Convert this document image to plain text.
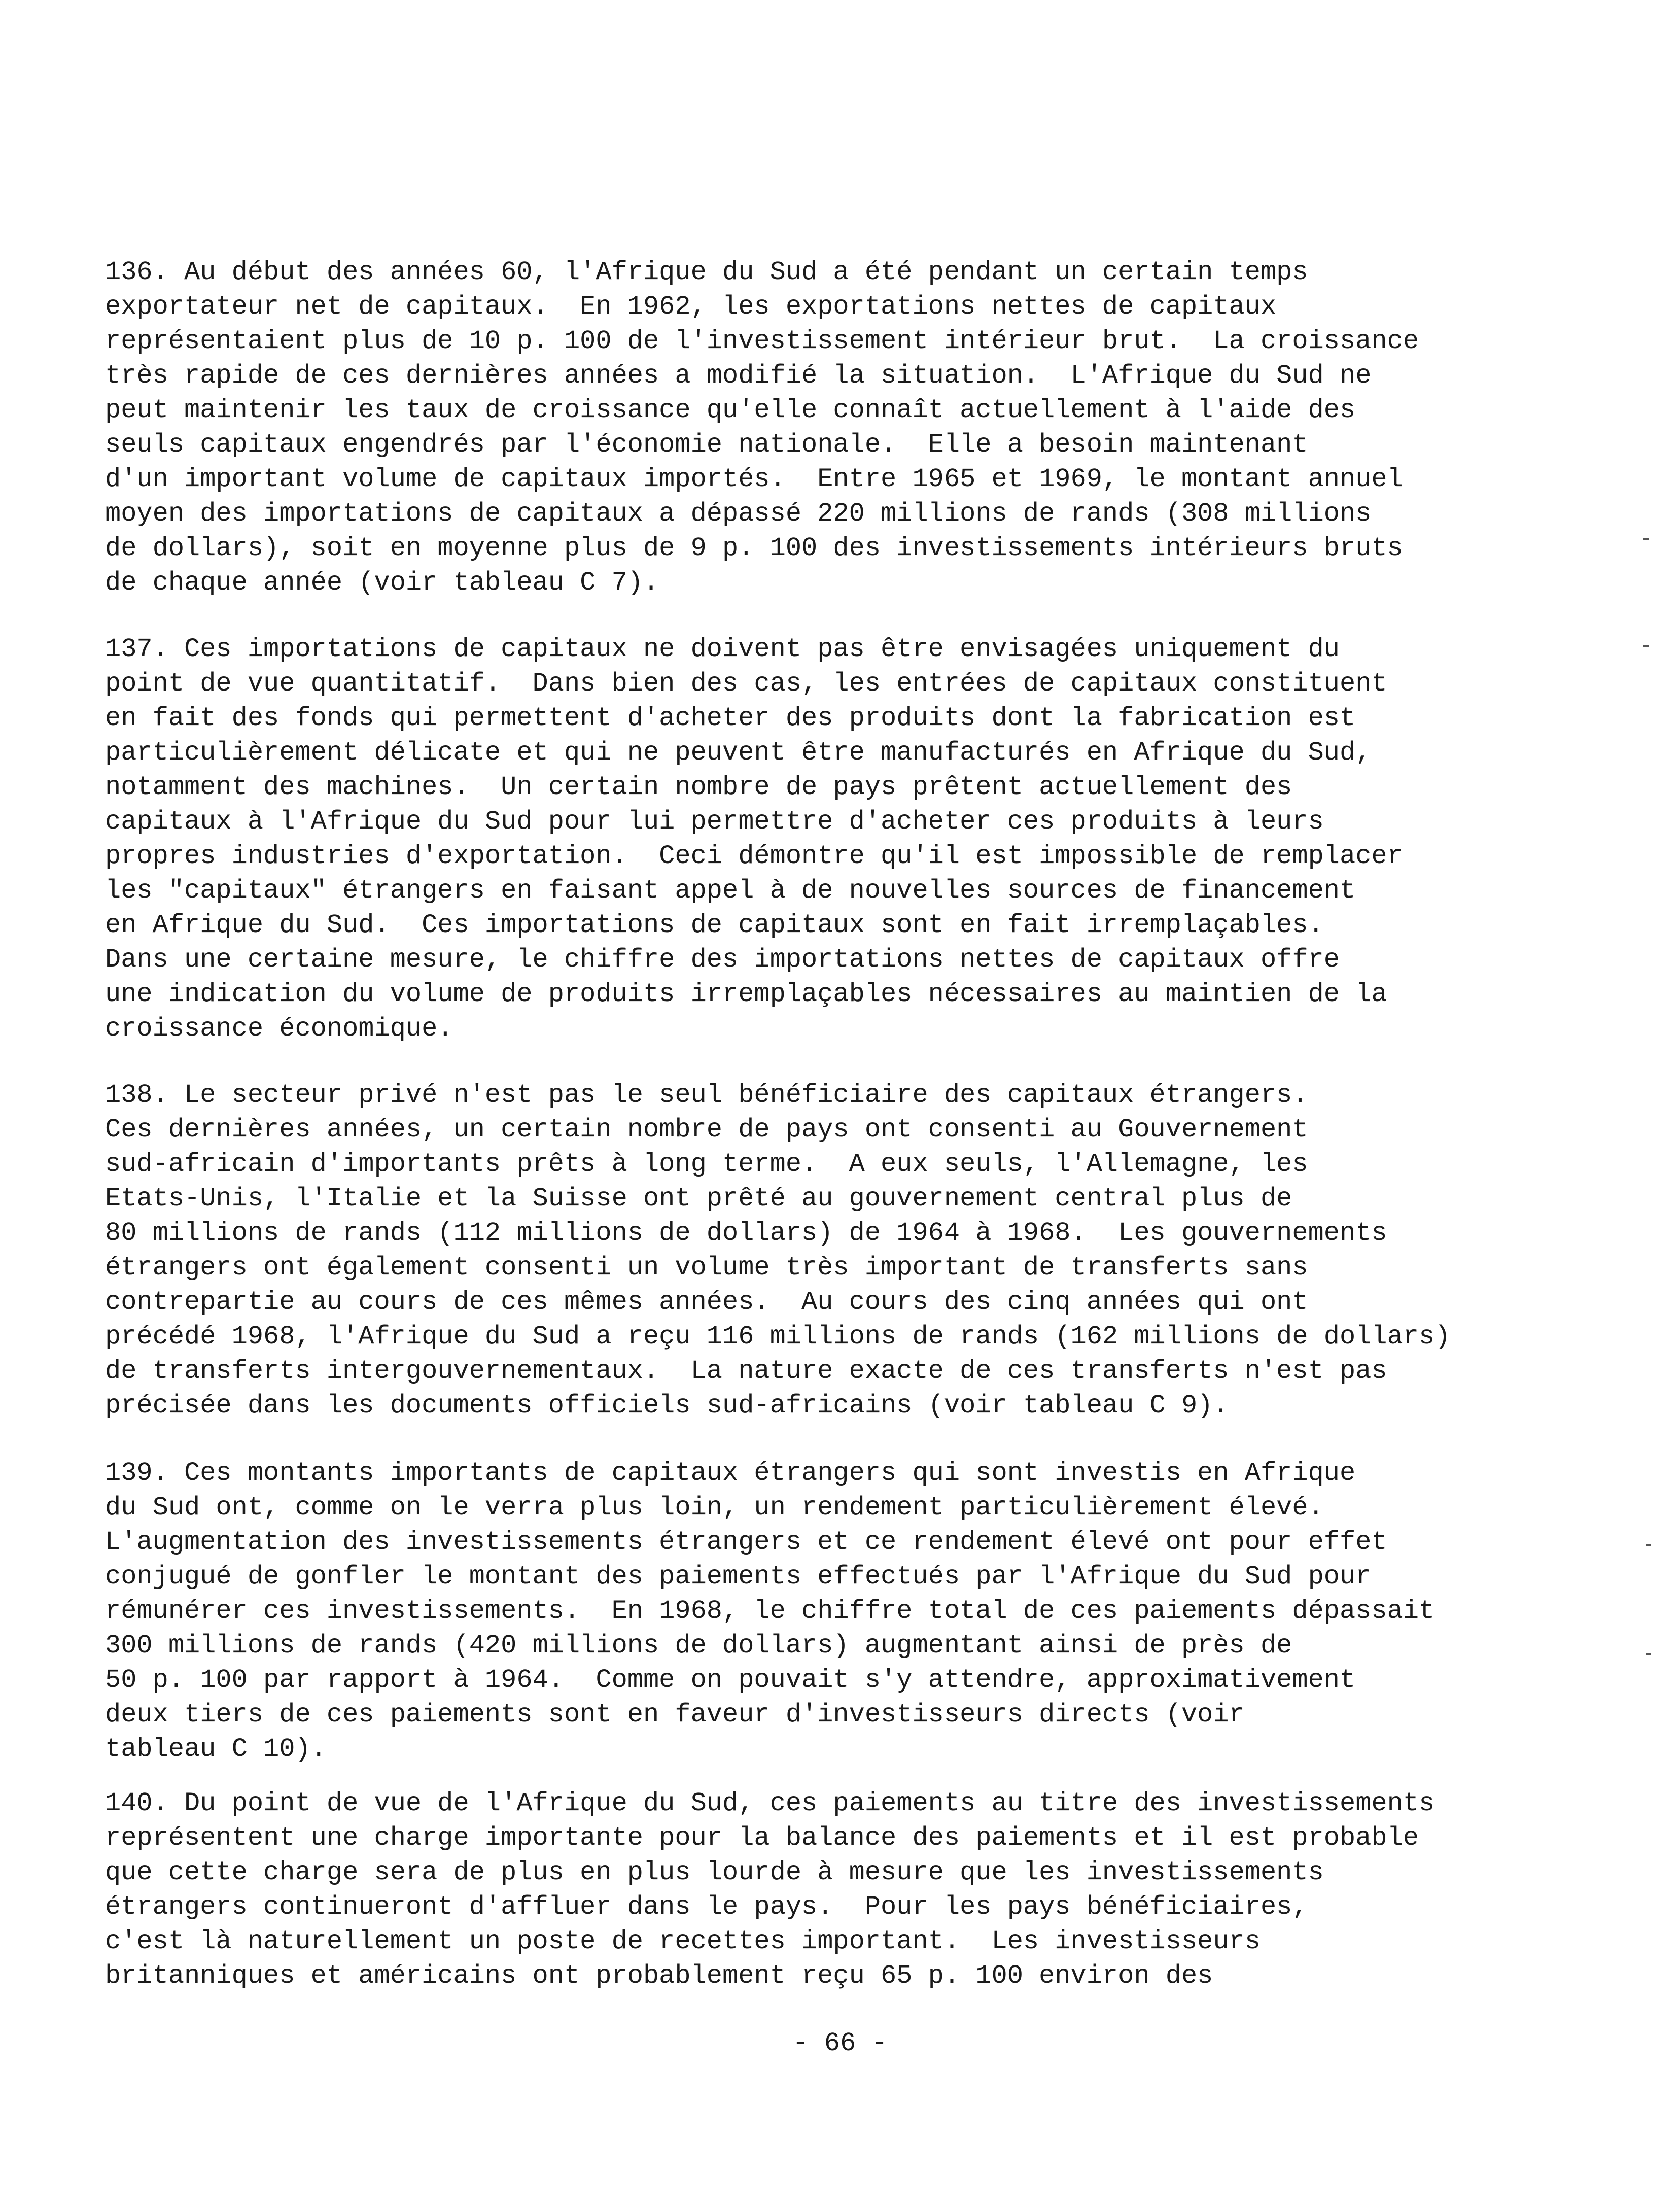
136. Au début des années 60, l'Afrique du Sud a été pendant un certain temps
exportateur net de capitaux.  En 1962, les exportations nettes de capitaux
représentaient plus de 10 p. 100 de l'investissement intérieur brut.  La croissance
très rapide de ces dernières années a modifié la situation.  L'Afrique du Sud ne
peut maintenir les taux de croissance qu'elle connaît actuellement à l'aide des
seuls capitaux engendrés par l'économie nationale.  Elle a besoin maintenant
d'un important volume de capitaux importés.  Entre 1965 et 1969, le montant annuel
moyen des importations de capitaux a dépassé 220 millions de rands (308 millions
de dollars), soit en moyenne plus de 9 p. 100 des investissements intérieurs bruts
de chaque année (voir tableau C 7).
137. Ces importations de capitaux ne doivent pas être envisagées uniquement du
point de vue quantitatif.  Dans bien des cas, les entrées de capitaux constituent
en fait des fonds qui permettent d'acheter des produits dont la fabrication est
particulièrement délicate et qui ne peuvent être manufacturés en Afrique du Sud,
notamment des machines.  Un certain nombre de pays prêtent actuellement des
capitaux à l'Afrique du Sud pour lui permettre d'acheter ces produits à leurs
propres industries d'exportation.  Ceci démontre qu'il est impossible de remplacer
les "capitaux" étrangers en faisant appel à de nouvelles sources de financement
en Afrique du Sud.  Ces importations de capitaux sont en fait irremplaçables.
Dans une certaine mesure, le chiffre des importations nettes de capitaux offre
une indication du volume de produits irremplaçables nécessaires au maintien de la
croissance économique.
138. Le secteur privé n'est pas le seul bénéficiaire des capitaux étrangers.
Ces dernières années, un certain nombre de pays ont consenti au Gouvernement
sud-africain d'importants prêts à long terme.  A eux seuls, l'Allemagne, les
Etats-Unis, l'Italie et la Suisse ont prêté au gouvernement central plus de
80 millions de rands (112 millions de dollars) de 1964 à 1968.  Les gouvernements
étrangers ont également consenti un volume très important de transferts sans
contrepartie au cours de ces mêmes années.  Au cours des cinq années qui ont
précédé 1968, l'Afrique du Sud a reçu 116 millions de rands (162 millions de dollars)
de transferts intergouvernementaux.  La nature exacte de ces transferts n'est pas
précisée dans les documents officiels sud-africains (voir tableau C 9).
139. Ces montants importants de capitaux étrangers qui sont investis en Afrique
du Sud ont, comme on le verra plus loin, un rendement particulièrement élevé.
L'augmentation des investissements étrangers et ce rendement élevé ont pour effet
conjugué de gonfler le montant des paiements effectués par l'Afrique du Sud pour
rémunérer ces investissements.  En 1968, le chiffre total de ces paiements dépassait
300 millions de rands (420 millions de dollars) augmentant ainsi de près de
50 p. 100 par rapport à 1964.  Comme on pouvait s'y attendre, approximativement
deux tiers de ces paiements sont en faveur d'investisseurs directs (voir
tableau C 10).
140. Du point de vue de l'Afrique du Sud, ces paiements au titre des investissements
représentent une charge importante pour la balance des paiements et il est probable
que cette charge sera de plus en plus lourde à mesure que les investissements
étrangers continueront d'affluer dans le pays.  Pour les pays bénéficiaires,
c'est là naturellement un poste de recettes important.  Les investisseurs
britanniques et américains ont probablement reçu 65 p. 100 environ des
- 66 -
